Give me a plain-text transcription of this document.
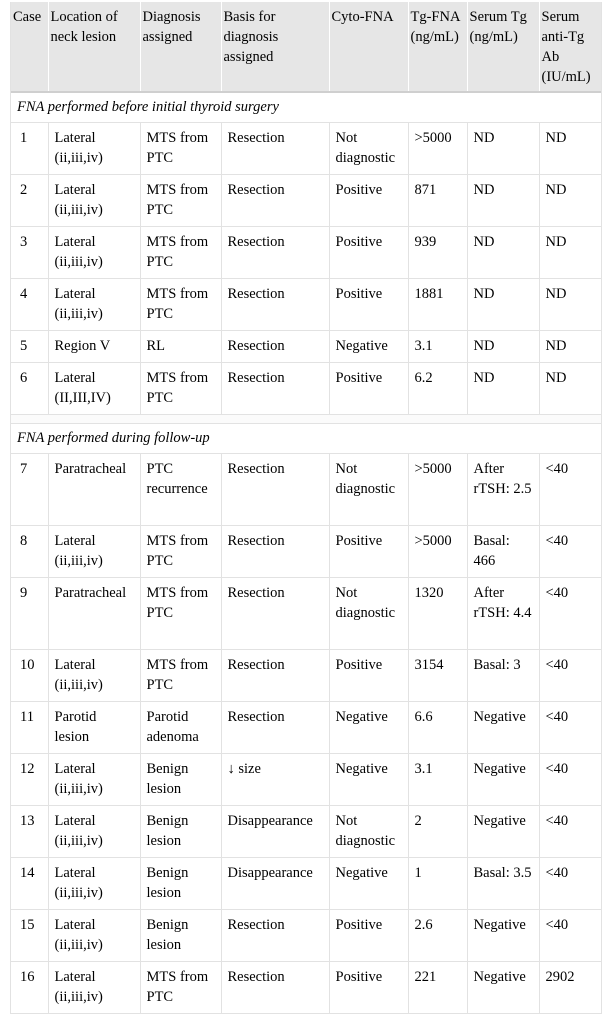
Case	Location of neck lesion	Diagnosis assigned	Basis for diagnosis assigned	Cyto-FNA	Tg-FNA (ng/mL)	Serum Tg (ng/mL)	Serum anti-Tg Ab (IU/mL)
FNA performed before initial thyroid surgery							
1	Lateral (ii,iii,iv)	MTS from PTC	Resection	Not diagnostic	>5000	ND	ND
2	Lateral (ii,iii,iv)	MTS from PTC	Resection	Positive	871	ND	ND
3	Lateral (ii,iii,iv)	MTS from PTC	Resection	Positive	939	ND	ND
4	Lateral (ii,iii,iv)	MTS from PTC	Resection	Positive	1881	ND	ND
5	Region V	RL	Resection	Negative	3.1	ND	ND
6	Lateral (II,III,IV)	MTS from PTC	Resection	Positive	6.2	ND	ND

FNA performed during follow-up							
7	Paratracheal	PTC recurrence	Resection	Not diagnostic	>5000	After rTSH: 2.5	<40
8	Lateral (ii,iii,iv)	MTS from PTC	Resection	Positive	>5000	Basal: 466	<40
9	Paratracheal	MTS from PTC	Resection	Not diagnostic	1320	After rTSH: 4.4	<40
10	Lateral (ii,iii,iv)	MTS from PTC	Resection	Positive	3154	Basal: 3	<40
11	Parotid lesion	Parotid adenoma	Resection	Negative	6.6	Negative	<40
12	Lateral (ii,iii,iv)	Benign lesion	↓ size	Negative	3.1	Negative	<40
13	Lateral (ii,iii,iv)	Benign lesion	Disappearance	Not diagnostic	2	Negative	<40
14	Lateral (ii,iii,iv)	Benign lesion	Disappearance	Negative	1	Basal: 3.5	<40
15	Lateral (ii,iii,iv)	Benign lesion	Resection	Positive	2.6	Negative	<40
16	Lateral (ii,iii,iv)	MTS from PTC	Resection	Positive	221	Negative	2902
